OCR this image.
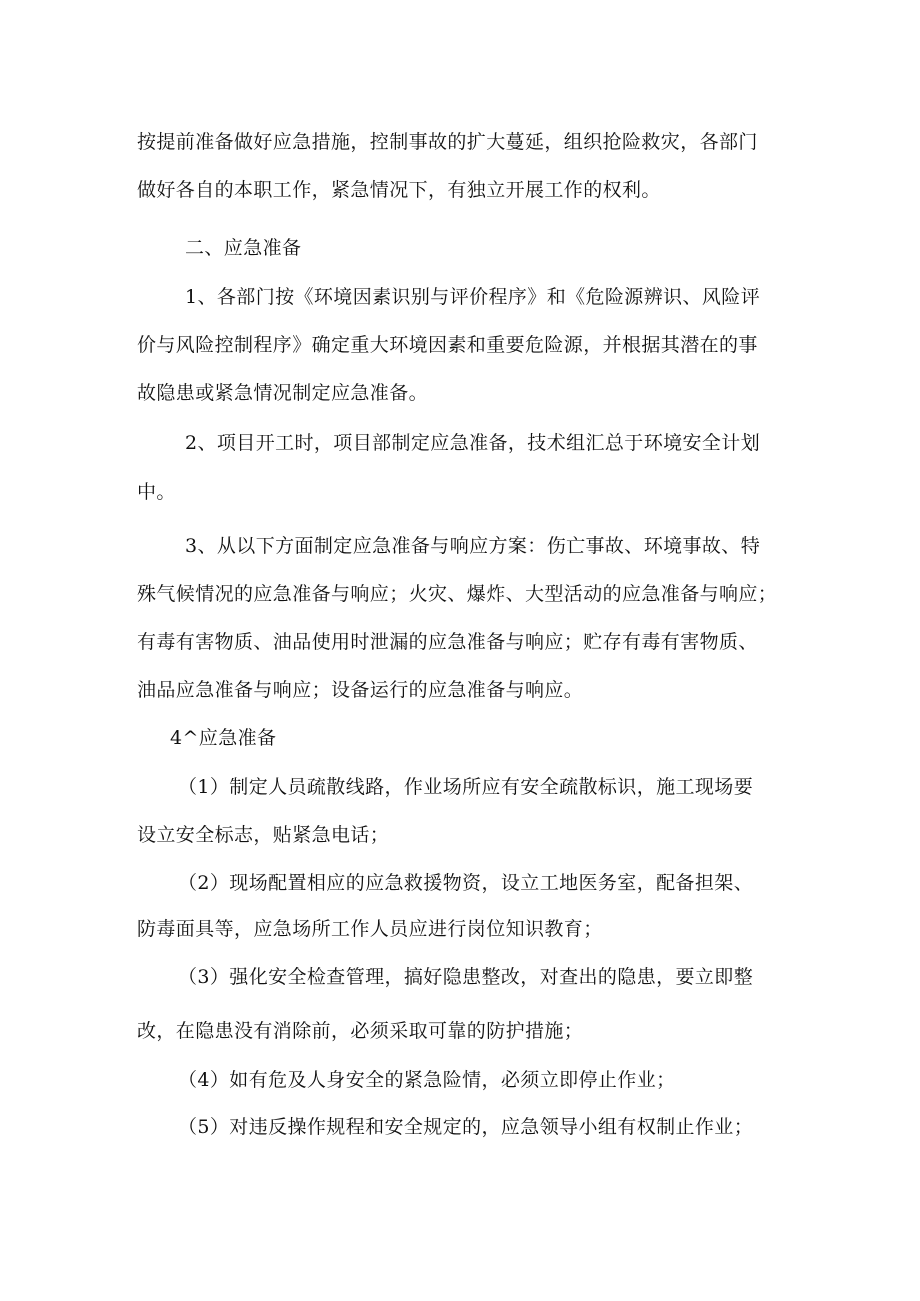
按提前准备做好应急措施，控制事故的扩大蔓延，组织抢险救灾，各部门
做好各自的本职工作，紧急情况下，有独立开展工作的权利。
二、应急准备
1、各部门按《环境因素识别与评价程序》和《危险源辨识、风险评
价与风险控制程序》确定重大环境因素和重要危险源，并根据其潜在的事
故隐患或紧急情况制定应急准备。
2、项目开工时，项目部制定应急准备，技术组汇总于环境安全计划
中。
3、从以下方面制定应急准备与响应方案：伤亡事故、环境事故、特
殊气候情况的应急准备与响应；火灾、爆炸、大型活动的应急准备与响应；
有毒有害物质、油品使用时泄漏的应急准备与响应；贮存有毒有害物质、
油品应急准备与响应；设备运行的应急准备与响应。
4^应急准备
（1）制定人员疏散线路，作业场所应有安全疏散标识，施工现场要
设立安全标志，贴紧急电话；
（2）现场配置相应的应急救援物资，设立工地医务室，配备担架、
防毒面具等，应急场所工作人员应进行岗位知识教育；
（3）强化安全检查管理，搞好隐患整改，对查出的隐患，要立即整
改，在隐患没有消除前，必须采取可靠的防护措施；
（4）如有危及人身安全的紧急险情，必须立即停止作业；
（5）对违反操作规程和安全规定的，应急领导小组有权制止作业；
